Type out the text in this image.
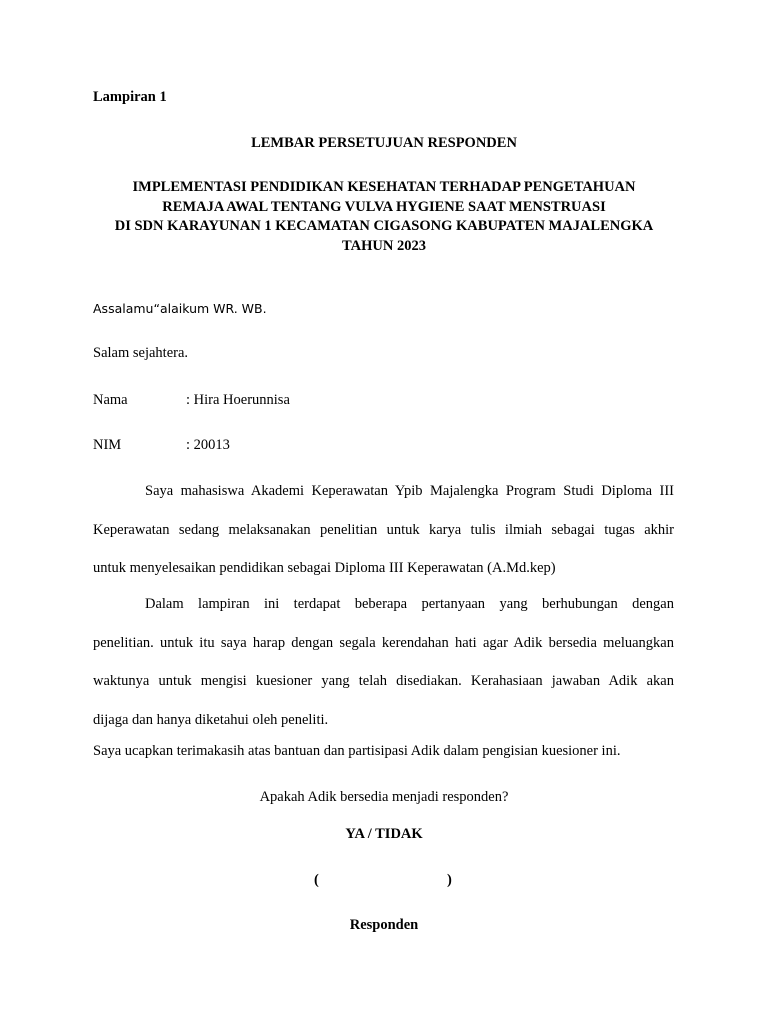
Lampiran 1

LEMBAR PERSETUJUAN RESPONDEN

IMPLEMENTASI PENDIDIKAN KESEHATAN TERHADAP PENGETAHUAN
REMAJA AWAL TENTANG VULVA HYGIENE SAAT MENSTRUASI
DI SDN KARAYUNAN 1 KECAMATAN CIGASONG KABUPATEN MAJALENGKA
TAHUN 2023

Assalamu“alaikum WR. WB.

Salam sejahtera.

Nama	: Hira Hoerunnisa

NIM	: 20013

Saya mahasiswa Akademi Keperawatan Ypib Majalengka Program Studi Diploma III
Keperawatan sedang melaksanakan penelitian untuk karya tulis ilmiah sebagai tugas akhir
untuk menyelesaikan pendidikan sebagai Diploma III Keperawatan (A.Md.kep)
Dalam lampiran ini terdapat beberapa pertanyaan yang berhubungan dengan
penelitian. untuk itu saya harap dengan segala kerendahan hati agar Adik bersedia meluangkan
waktunya untuk mengisi kuesioner yang telah disediakan. Kerahasiaan jawaban Adik akan
dijaga dan hanya diketahui oleh peneliti.

Saya ucapkan terimakasih atas bantuan dan partisipasi Adik dalam pengisian kuesioner ini.

Apakah Adik bersedia menjadi responden?

YA / TIDAK

(	)

Responden
